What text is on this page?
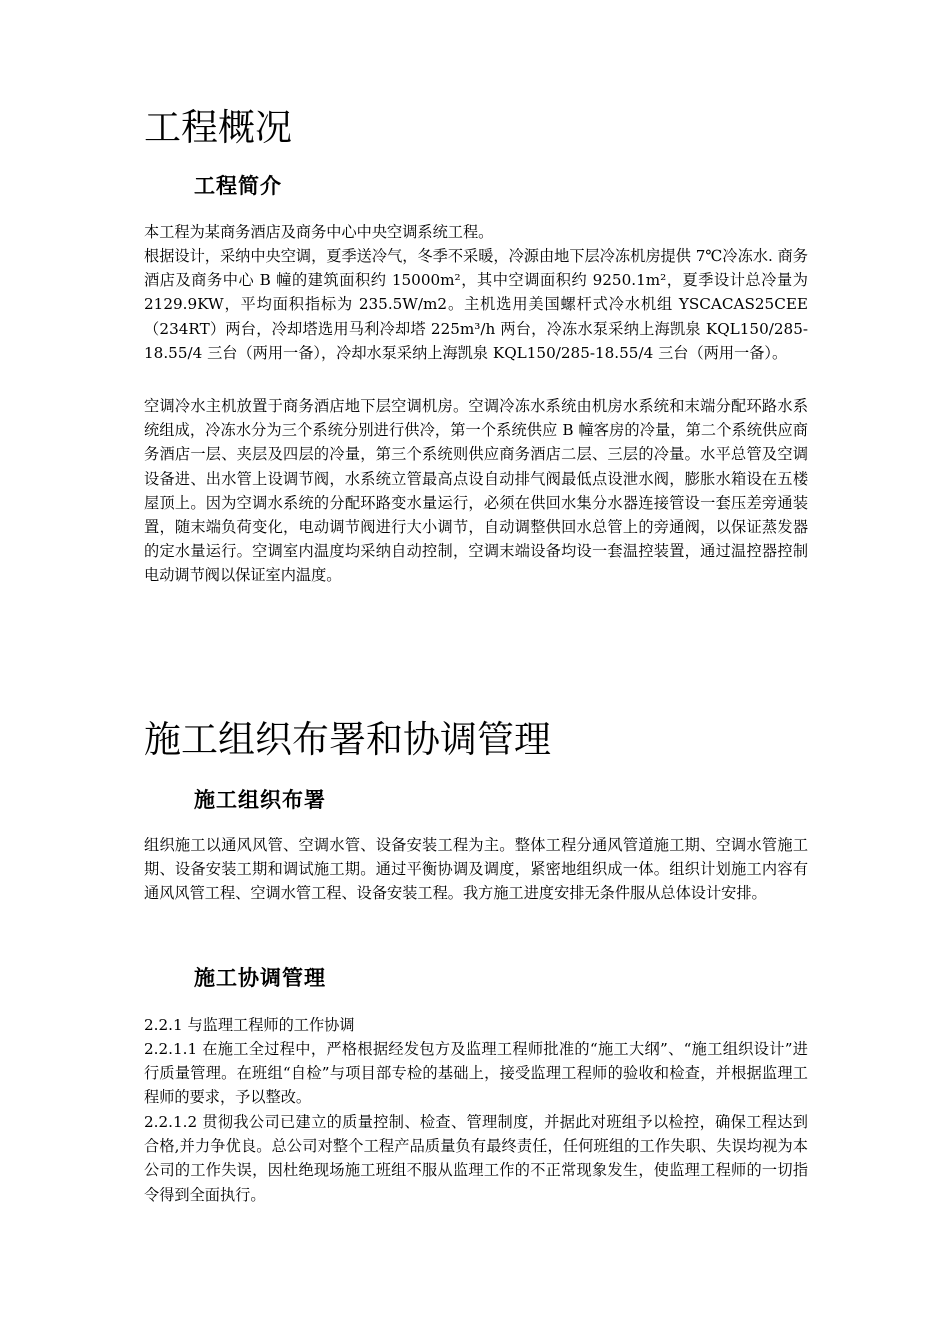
工程概况
工程简介

本工程为某商务酒店及商务中心中央空调系统工程。

根据设计，采纳中央空调，夏季送冷气，冬季不采暖，冷源由地下层冷冻机房提供 7℃冷冻水. 商务酒店及商务中心 B 幢的建筑面积约 15000m²，其中空调面积约 9250.1m²，夏季设计总冷量为 2129.9KW，平均面积指标为 235.5W/m2。主机选用美国螺杆式冷水机组 YSCACAS25CEE（234RT）两台，冷却塔选用马利冷却塔 225m³/h 两台，冷冻水泵采纳上海凯泉 KQL150/285-18.55/4 三台（两用一备），冷却水泵采纳上海凯泉 KQL150/285-18.55/4 三台（两用一备）。

空调冷水主机放置于商务酒店地下层空调机房。空调冷冻水系统由机房水系统和末端分配环路水系统组成，冷冻水分为三个系统分别进行供冷，第一个系统供应 B 幢客房的冷量，第二个系统供应商务酒店一层、夹层及四层的冷量，第三个系统则供应商务酒店二层、三层的冷量。水平总管及空调设备进、出水管上设调节阀，水系统立管最高点设自动排气阀最低点设泄水阀，膨胀水箱设在五楼屋顶上。因为空调水系统的分配环路变水量运行，必须在供回水集分水器连接管设一套压差旁通装置，随末端负荷变化，电动调节阀进行大小调节，自动调整供回水总管上的旁通阀，以保证蒸发器的定水量运行。空调室内温度均采纳自动控制，空调末端设备均设一套温控装置，通过温控器控制电动调节阀以保证室内温度。

施工组织布署和协调管理
施工组织布署

组织施工以通风风管、空调水管、设备安装工程为主。整体工程分通风管道施工期、空调水管施工期、设备安装工期和调试施工期。通过平衡协调及调度，紧密地组织成一体。组织计划施工内容有通风风管工程、空调水管工程、设备安装工程。我方施工进度安排无条件服从总体设计安排。

施工协调管理

2.2.1 与监理工程师的工作协调

2.2.1.1 在施工全过程中，严格根据经发包方及监理工程师批准的“施工大纲”、“施工组织设计”进行质量管理。在班组“自检”与项目部专检的基础上，接受监理工程师的验收和检查，并根据监理工程师的要求，予以整改。

2.2.1.2 贯彻我公司已建立的质量控制、检查、管理制度，并据此对班组予以检控，确保工程达到合格,并力争优良。总公司对整个工程产品质量负有最终责任，任何班组的工作失职、失误均视为本公司的工作失误，因杜绝现场施工班组不服从监理工作的不正常现象发生，使监理工程师的一切指令得到全面执行。
